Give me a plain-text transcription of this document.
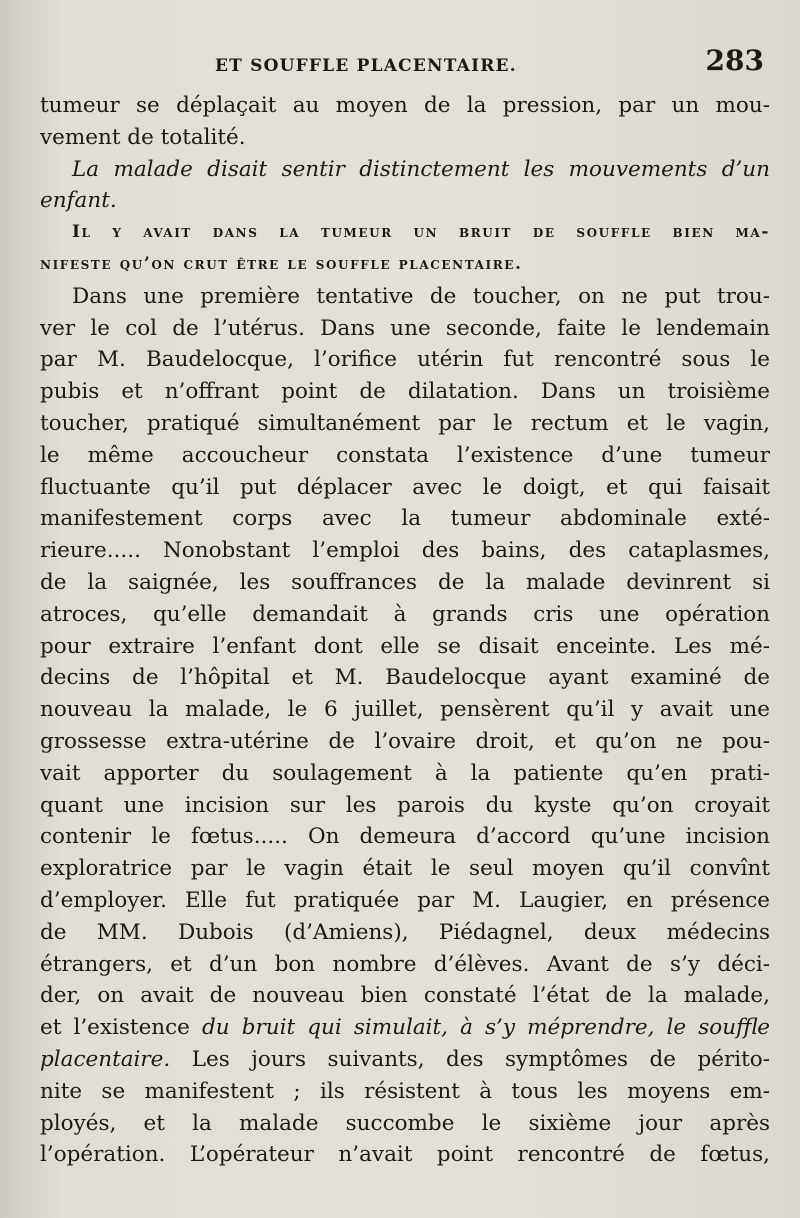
ET SOUFFLE PLACENTAIRE.	283
tumeur se déplaçait au moyen de la pression, par un mou-
vement de totalité.
La malade disait sentir distinctement les mouvements d’un
enfant.
Il y avait dans la tumeur un bruit de souffle bien ma-
nifeste qu’on crut être le souffle placentaire.
Dans une première tentative de toucher, on ne put trou-
ver le col de l’utérus. Dans une seconde, faite le lendemain
par M. Baudelocque, l’orifice utérin fut rencontré sous le
pubis et n’offrant point de dilatation. Dans un troisième
toucher, pratiqué simultanément par le rectum et le vagin,
le même accoucheur constata l’existence d’une tumeur
fluctuante qu’il put déplacer avec le doigt, et qui faisait
manifestement corps avec la tumeur abdominale exté-
rieure..... Nonobstant l’emploi des bains, des cataplasmes,
de la saignée, les souffrances de la malade devinrent si
atroces, qu’elle demandait à grands cris une opération
pour extraire l’enfant dont elle se disait enceinte. Les mé-
decins de l’hôpital et M. Baudelocque ayant examiné de
nouveau la malade, le 6 juillet, pensèrent qu’il y avait une
grossesse extra-utérine de l’ovaire droit, et qu’on ne pou-
vait apporter du soulagement à la patiente qu’en prati-
quant une incision sur les parois du kyste qu’on croyait
contenir le fœtus..... On demeura d’accord qu’une incision
exploratrice par le vagin était le seul moyen qu’il convînt
d’employer. Elle fut pratiquée par M. Laugier, en présence
de MM. Dubois (d’Amiens), Piédagnel, deux médecins
étrangers, et d’un bon nombre d’élèves. Avant de s’y déci-
der, on avait de nouveau bien constaté l’état de la malade,
et l’existence du bruit qui simulait, à s’y méprendre, le souffle
placentaire. Les jours suivants, des symptômes de périto-
nite se manifestent ; ils résistent à tous les moyens em-
ployés, et la malade succombe le sixième jour après
l’opération. L’opérateur n’avait point rencontré de fœtus,
